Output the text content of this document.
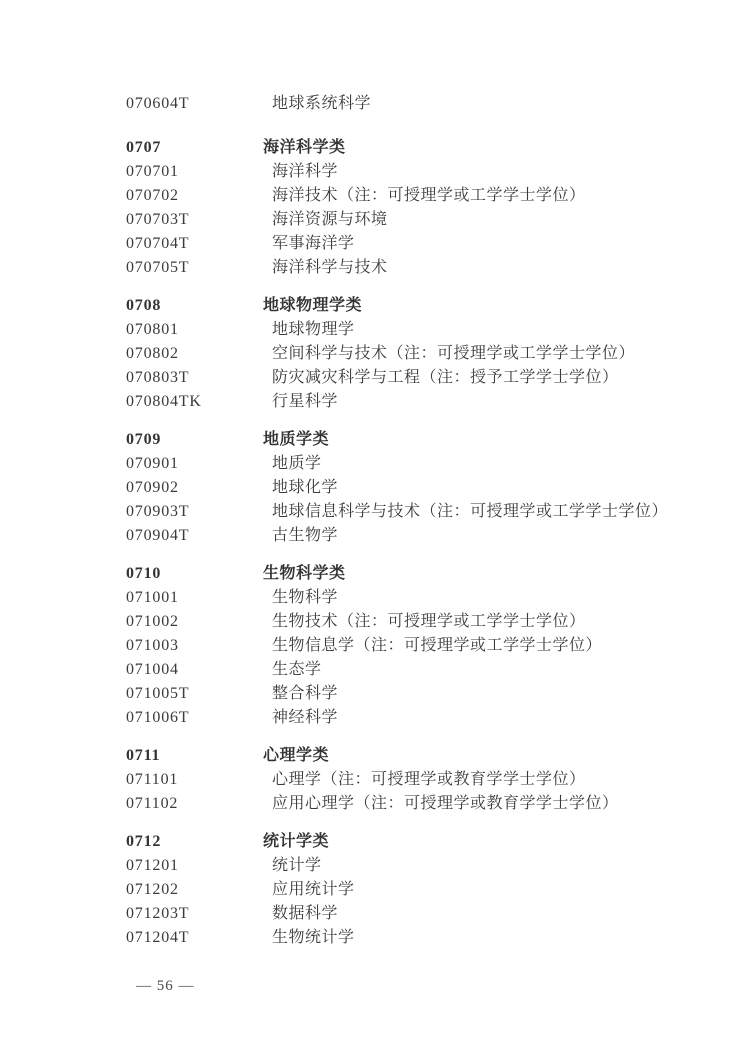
070604T	地球系统科学
0707	海洋科学类
070701	海洋科学
070702	海洋技术（注：可授理学或工学学士学位）
070703T	海洋资源与环境
070704T	军事海洋学
070705T	海洋科学与技术
0708	地球物理学类
070801	地球物理学
070802	空间科学与技术（注：可授理学或工学学士学位）
070803T	防灾减灾科学与工程（注：授予工学学士学位）
070804TK	行星科学
0709	地质学类
070901	地质学
070902	地球化学
070903T	地球信息科学与技术（注：可授理学或工学学士学位）
070904T	古生物学
0710	生物科学类
071001	生物科学
071002	生物技术（注：可授理学或工学学士学位）
071003	生物信息学（注：可授理学或工学学士学位）
071004	生态学
071005T	整合科学
071006T	神经科学
0711	心理学类
071101	心理学（注：可授理学或教育学学士学位）
071102	应用心理学（注：可授理学或教育学学士学位）
0712	统计学类
071201	统计学
071202	应用统计学
071203T	数据科学
071204T	生物统计学
— 56 —
